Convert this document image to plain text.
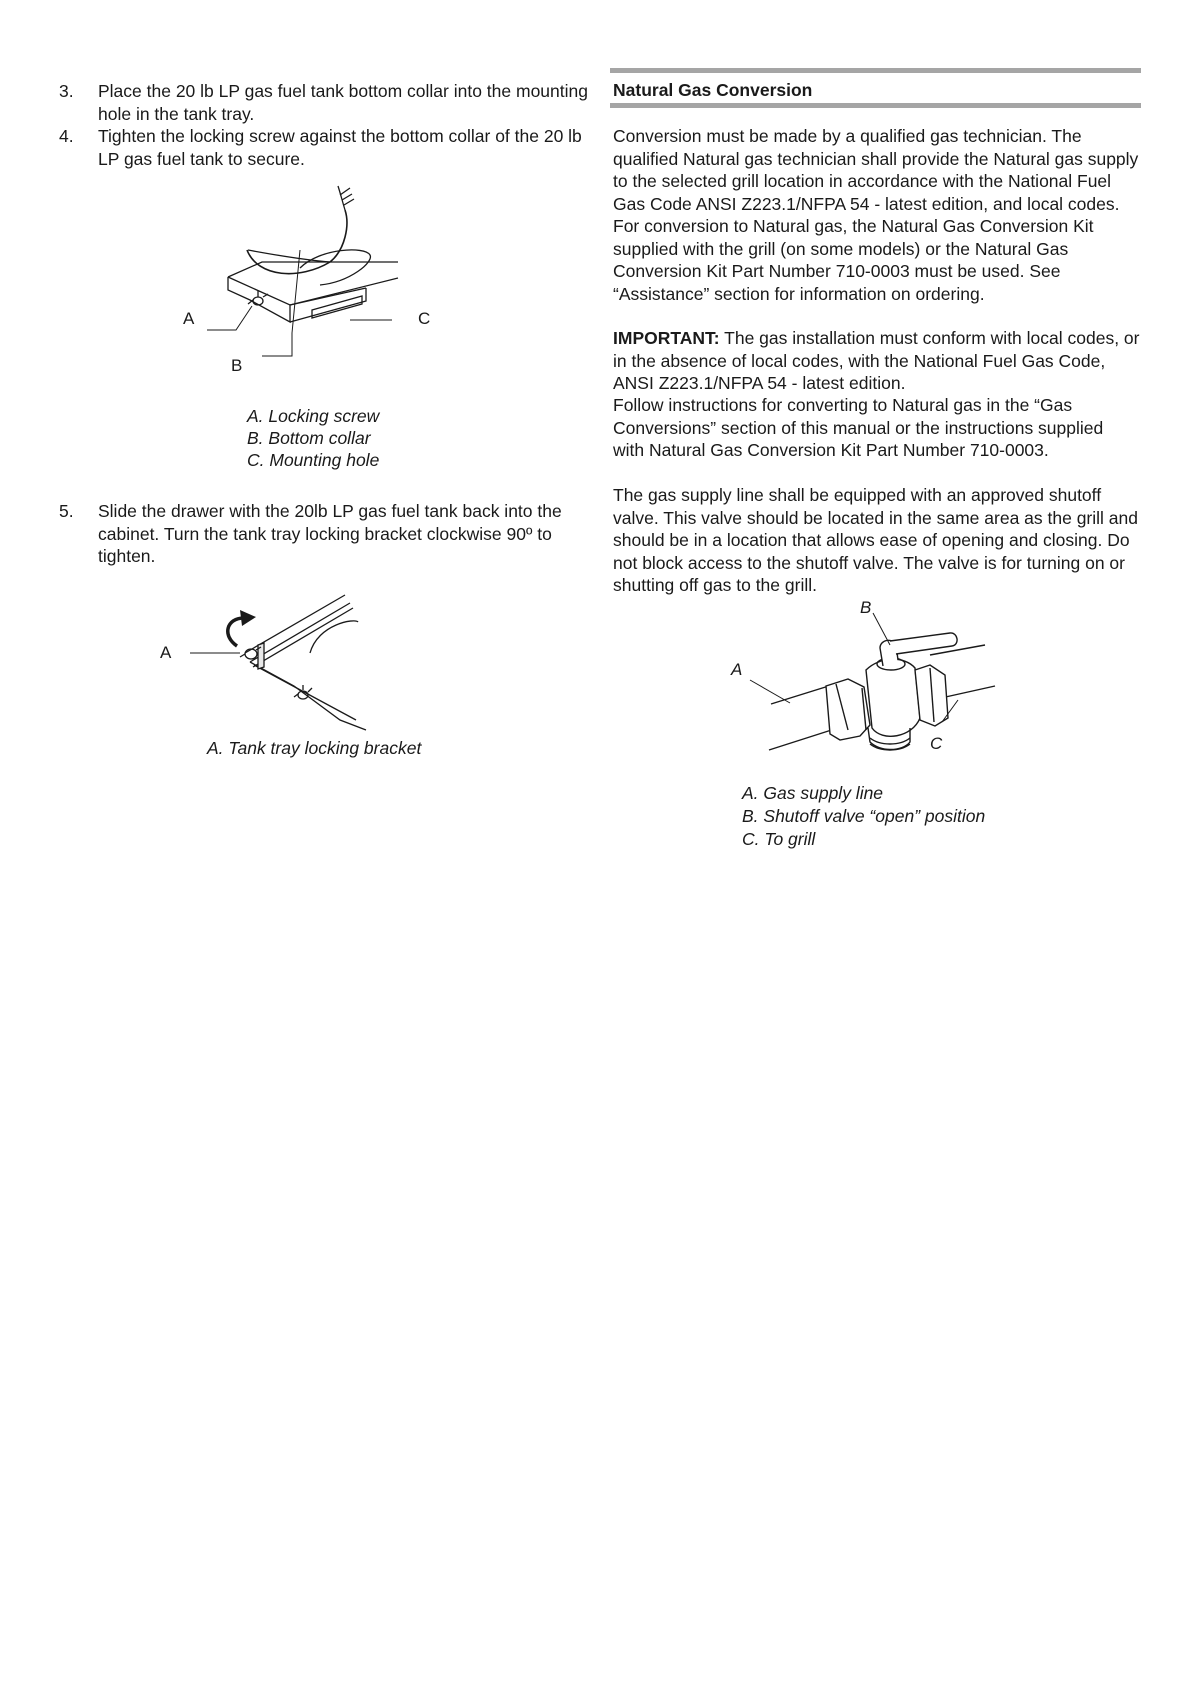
3. Place the 20 lb LP gas fuel tank bottom collar into the mounting hole in the tank tray.
4. Tighten the locking screw against the bottom collar of the 20 lb LP gas fuel tank to secure.
A	C
B
A. Locking screw
B. Bottom collar
C. Mounting hole
5. Slide the drawer with the 20lb LP gas fuel tank back into the cabinet. Turn the tank tray locking bracket clockwise 90º to tighten.
A
A. Tank tray locking bracket
Natural Gas Conversion
Conversion must be made by a qualified gas technician. The qualified Natural gas technician shall provide the Natural gas supply to the selected grill location in accordance with the National Fuel Gas Code ANSI Z223.1/NFPA 54 - latest edition, and local codes. For conversion to Natural gas, the Natural Gas Conversion Kit supplied with the grill (on some models) or the Natural Gas Conversion Kit Part Number 710-0003 must be used. See “Assistance” section for information on ordering.
IMPORTANT: The gas installation must conform with local codes, or in the absence of local codes, with the National Fuel Gas Code, ANSI Z223.1/NFPA 54 - latest edition.
Follow instructions for converting to Natural gas in the “Gas Conversions” section of this manual or the instructions supplied with Natural Gas Conversion Kit Part Number 710-0003.
The gas supply line shall be equipped with an approved shutoff valve. This valve should be located in the same area as the grill and should be in a location that allows ease of opening and closing. Do not block access to the shutoff valve. The valve is for turning on or shutting off gas to the grill.
B
A
C
A. Gas supply line
B. Shutoff valve “open” position
C. To grill
